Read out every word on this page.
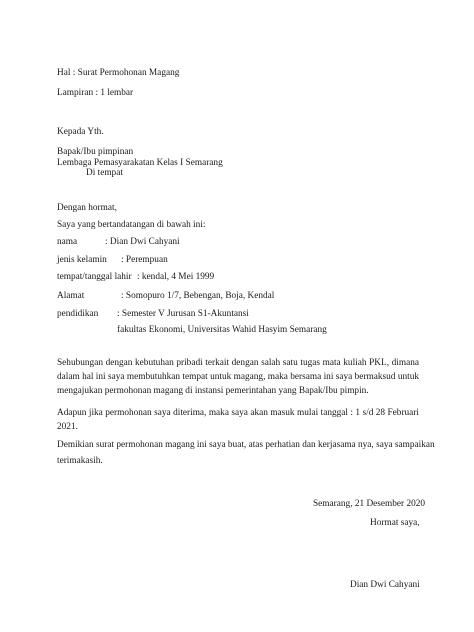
Hal : Surat Permohonan Magang
Lampiran : 1 lembar
Kepada Yth.
Bapak/Ibu pimpinan
Lembaga Pemasyarakatan Kelas I Semarang
Di tempat
Dengan hormat,
Saya yang bertandatangan di bawah ini:
nama	: Dian Dwi Cahyani
jenis kelamin : Perempuan
tempat/tanggal lahir : kendal, 4 Mei 1999
Alamat	: Somopuro 1/7, Bebengan, Boja, Kendal
pendidikan : Semester V Jurusan S1-Akuntansi
fakultas Ekonomi, Universitas Wahid Hasyim Semarang
Sehubungan dengan kebutuhan pribadi terkait dengan salah satu tugas mata kuliah PKL, dimana
dalam hal ini saya membutuhkan tempat untuk magang, maka bersama ini saya bermaksud untuk
mengajukan permohonan magang di instansi pemerintahan yang Bapak/Ibu pimpin.
Adapun jika permohonan saya diterima, maka saya akan masuk mulai tanggal : 1 s/d 28 Februari
2021.
Demikian surat permohonan magang ini saya buat, atas perhatian dan kerjasama nya, saya sampaikan
terimakasih.
Semarang, 21 Desember 2020
Hormat saya,
Dian Dwi Cahyani
